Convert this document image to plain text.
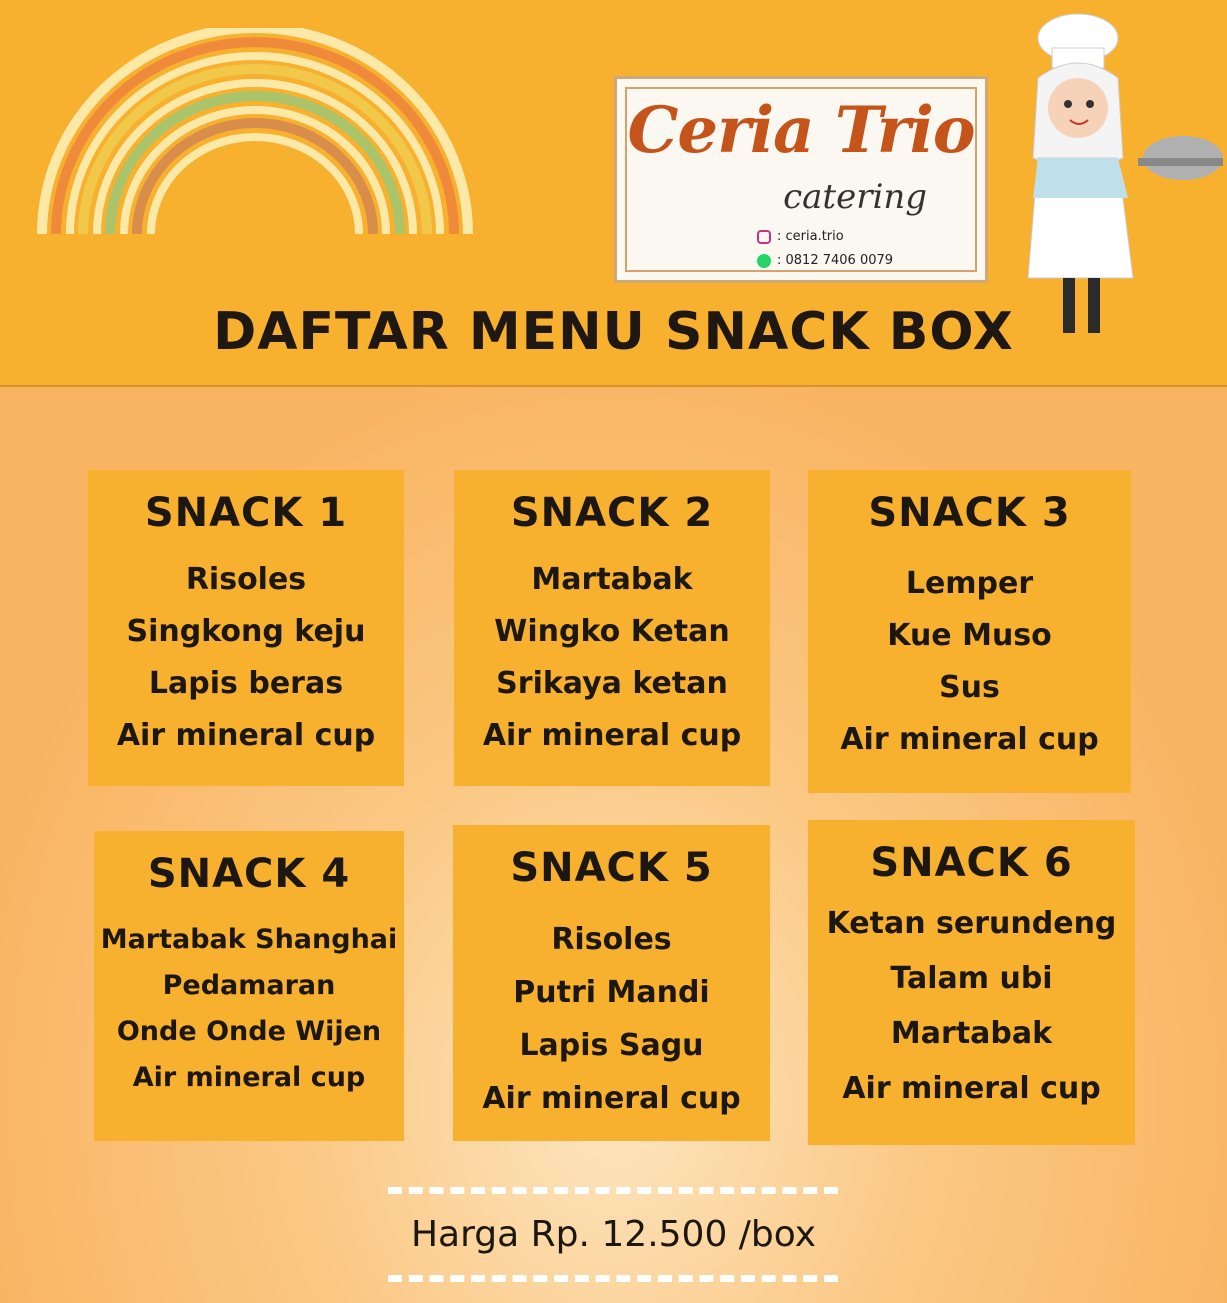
Ceria Trio
catering
: ceria.trio
: 0812 7406 0079
DAFTAR MENU SNACK BOX
SNACK 1
Risoles
Singkong keju
Lapis beras
Air mineral cup
SNACK 2
Martabak
Wingko Ketan
Srikaya ketan
Air mineral cup
SNACK 3
Lemper
Kue Muso
Sus
Air mineral cup
SNACK 4
Martabak Shanghai
Pedamaran
Onde Onde Wijen
Air mineral cup
SNACK 5
Risoles
Putri Mandi
Lapis Sagu
Air mineral cup
SNACK 6
Ketan serundeng
Talam ubi
Martabak
Air mineral cup
Harga Rp. 12.500 /box
